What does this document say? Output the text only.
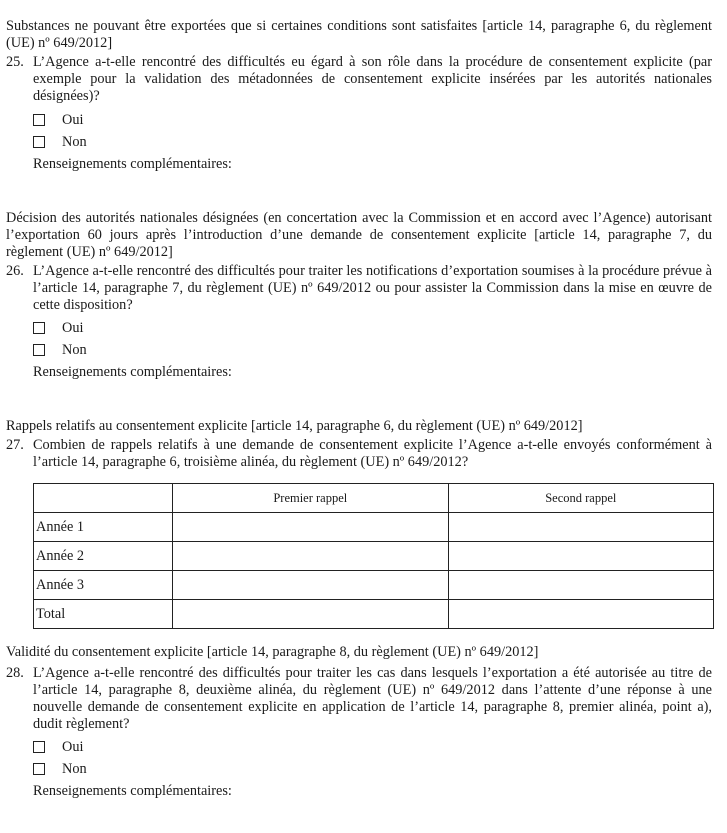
Substances ne pouvant être exportées que si certaines conditions sont satisfaites [article 14, paragraphe 6, du règlement (UE) nº 649/2012]

25. L’Agence a-t-elle rencontré des difficultés eu égard à son rôle dans la procédure de consentement explicite (par exemple pour la validation des métadonnées de consentement explicite insérées par les autorités nationales désignées)?
Oui
Non
Renseignements complémentaires:

Décision des autorités nationales désignées (en concertation avec la Commission et en accord avec l’Agence) autorisant l’exportation 60 jours après l’introduction d’une demande de consentement explicite [article 14, paragraphe 7, du règlement (UE) nº 649/2012]

26. L’Agence a-t-elle rencontré des difficultés pour traiter les notifications d’exportation soumises à la procédure prévue à l’article 14, paragraphe 7, du règlement (UE) nº 649/2012 ou pour assister la Commission dans la mise en œuvre de cette disposition?
Oui
Non
Renseignements complémentaires:

Rappels relatifs au consentement explicite [article 14, paragraphe 6, du règlement (UE) nº 649/2012]

27. Combien de rappels relatifs à une demande de consentement explicite l’Agence a-t-elle envoyés conformément à l’article 14, paragraphe 6, troisième alinéa, du règlement (UE) nº 649/2012?
	Premier rappel	Second rappel
Année 1		
Année 2		
Année 3		
Total		

Validité du consentement explicite [article 14, paragraphe 8, du règlement (UE) nº 649/2012]

28. L’Agence a-t-elle rencontré des difficultés pour traiter les cas dans lesquels l’exportation a été autorisée au titre de l’article 14, paragraphe 8, deuxième alinéa, du règlement (UE) nº 649/2012 dans l’attente d’une réponse à une nouvelle demande de consentement explicite en application de l’article 14, paragraphe 8, premier alinéa, point a), dudit règlement?
Oui
Non
Renseignements complémentaires:
